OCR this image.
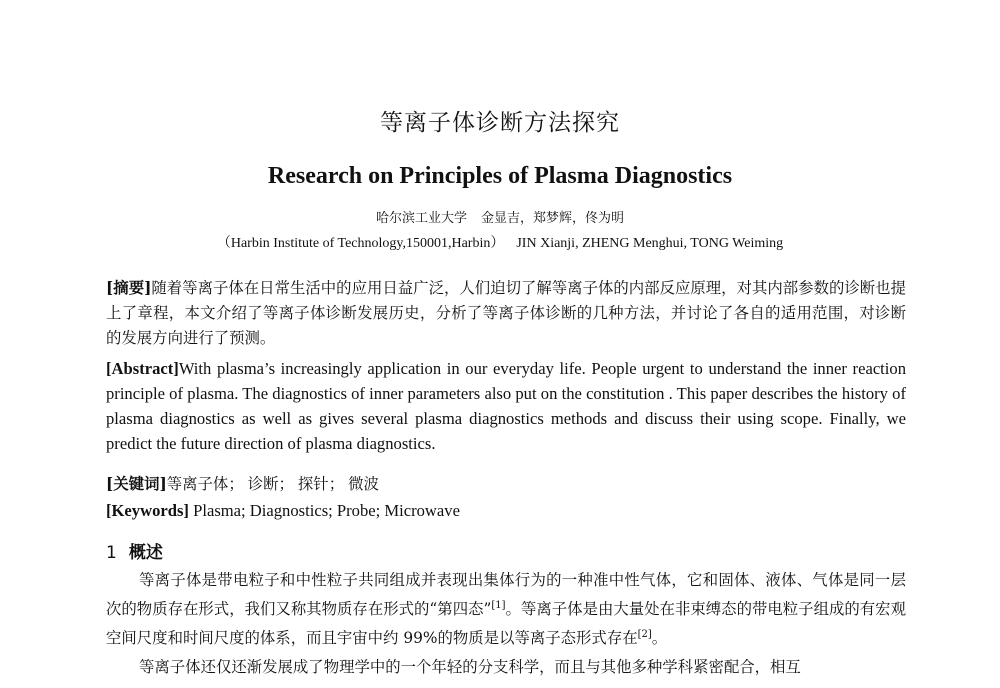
等离子体诊断方法探究
Research on Principles of Plasma Diagnostics
哈尔滨工业大学 金显吉，郑梦辉，佟为明
（Harbin Institute of Technology,150001,Harbin） JIN Xianji, ZHENG Menghui, TONG Weiming
[摘要]随着等离子体在日常生活中的应用日益广泛，人们迫切了解等离子体的内部反应原理，对其内部参数的诊断也提上了章程，本文介绍了等离子体诊断发展历史，分析了等离子体诊断的几种方法，并讨论了各自的适用范围，对诊断的发展方向进行了预测。
[Abstract]With plasma’s increasingly application in our everyday life. People urgent to understand the inner reaction principle of plasma. The diagnostics of inner parameters also put on the constitution . This paper describes the history of plasma diagnostics as well as gives several plasma diagnostics methods and discuss their using scope. Finally, we predict the future direction of plasma diagnostics.
[关键词]等离子体； 诊断； 探针； 微波
[Keywords] Plasma; Diagnostics; Probe; Microwave
1 概述
等离子体是带电粒子和中性粒子共同组成并表现出集体行为的一种准中性气体，它和固体、液体、气体是同一层次的物质存在形式，我们又称其物质存在形式的“第四态”[1]。等离子体是由大量处在非束缚态的带电粒子组成的有宏观空间尺度和时间尺度的体系，而且宇宙中约 99%的物质是以等离子态形式存在[2]。
等离子体还仅还渐发展成了物理学中的一个年轻的分支科学，而且与其他多种学科紧密配合，相互
